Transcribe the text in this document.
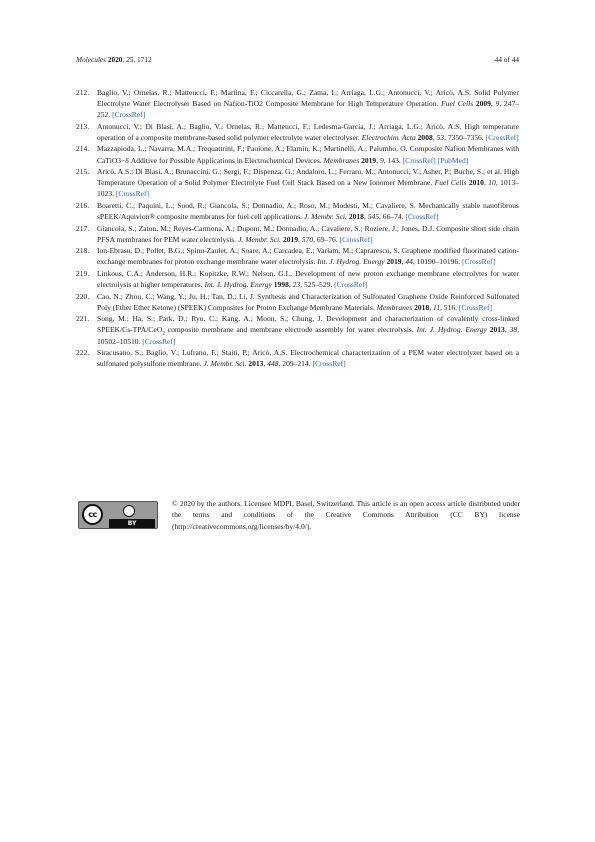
Molecules 2020, 25, 1712	44 of 44
212. Baglio, V.; Ornelas, R.; Matteucci, F.; Martina, F.; Ciccarella, G.; Zama, I.; Arriaga, L.G.; Antonucci, V.; Aricò, A.S. Solid Polymer Electrolyte Water Electrolyser Based on Nafion-TiO2 Composite Membrane for High Temperature Operation. Fuel Cells 2009, 9, 247–252. [CrossRef]
213. Antonucci, V.; Di Blasi, A.; Baglio, V.; Ornelas, R.; Matteucci, F.; Ledesma-Garcia, J.; Arriaga, L.G.; Aricò, A.S. High temperature operation of a composite membrane-based solid polymer electrolyte water electrolyser. Electrochim. Acta 2008, 53, 7350–7356. [CrossRef]
214. Mazzapioda, L.; Navarra, M.A.; Trequattrini, F.; Paolone, A.; Elamin, K.; Martinelli, A.; Palumbo, O. Composite Nafion Membranes with CaTiO3−δ Additive for Possible Applications in Electrochemical Devices. Membranes 2019, 9, 143. [CrossRef] [PubMed]
215. Aricò, A.S.; Di Blasi, A.; Brunaccini, G.; Sergi, F.; Dispenza, G.; Andaloro, L.; Ferraro, M.; Antonucci, V.; Asher, P.; Buche, S.; et al. High Temperature Operation of a Solid Polymer Electrolyte Fuel Cell Stack Based on a New Ionomer Membrane. Fuel Cells 2010, 10, 1013–1023. [CrossRef]
216. Boaretti, C.; Paquini, L.; Sood, R.; Giancola, S.; Donnadio, A.; Roso, M.; Modesti, M.; Cavaliere, S. Mechanically stable nanofibrous sPEEK/Aquivion® composite membranes for fuel cell applications. J. Membr. Sci. 2018, 545, 66–74. [CrossRef]
217. Giancola, S.; Zaton, M.; Reyes-Carmona, A.; Dupont, M.; Donnadio, A.; Cavaliere, S.; Roziere, J.; Jones, D.J. Composite short side chain PFSA membranes for PEM water electrolysis. J. Membr. Sci. 2019, 570, 69–76. [CrossRef]
218. Ion-Ebrasu, D.; Pollet, B.G.; Spinu-Zaulet, A.; Soare, A.; Carcadea, E.; Varlam, M.; Caprarescu, S. Graphene modified fluorinated cation-exchange membranes for proton exchange membrane water electrolysis. Int. J. Hydrog. Energy 2019, 44, 10190–10196. [CrossRef]
219. Linkous, C.A.; Anderson, H.R.; Kopitzke, R.W.; Nelson, G.L. Development of new proton exchange membrane electrolytes for water electrolysis at higher temperatures. Int. J. Hydrog. Energy 1998, 23, 525–529. [CrossRef]
220. Cao, N.; Zhou, C.; Wang, Y.; Ju, H.; Tan, D.; Li, J. Synthesis and Characterization of Sulfonated Graphene Oxide Reinforced Sulfonated Poly (Ether Ether Ketone) (SPEEK) Composites for Proton Exchange Membrane Materials. Membranes 2018, 11, 516. [CrossRef]
221. Song, M.; Ha, S.; Park, D.; Ryu, C.; Kang, A.; Moon, S.; Chung, J. Development and characterization of covalently cross-linked SPEEK/Cs-TPA/CeO$_2$ composite membrane and membrane electrode assembly for water electrolysis. Int. J. Hydrog. Energy 2013, 38, 10502–10510. [CrossRef]
222. Siracusano, S.; Baglio, V.; Lufrano, F.; Staiti, P.; Aricò, A.S. Electrochemical characterization of a PEM water electrolyzer based on a sulfonated polysulfone membrane. J. Membr. Sci. 2013, 448, 209–214. [CrossRef]
cc
BY
© 2020 by the authors. Licensee MDPI, Basel, Switzerland. This article is an open access article distributed under the terms and conditions of the Creative Commons Attribution (CC BY) license (http://creativecommons.org/licenses/by/4.0/).
